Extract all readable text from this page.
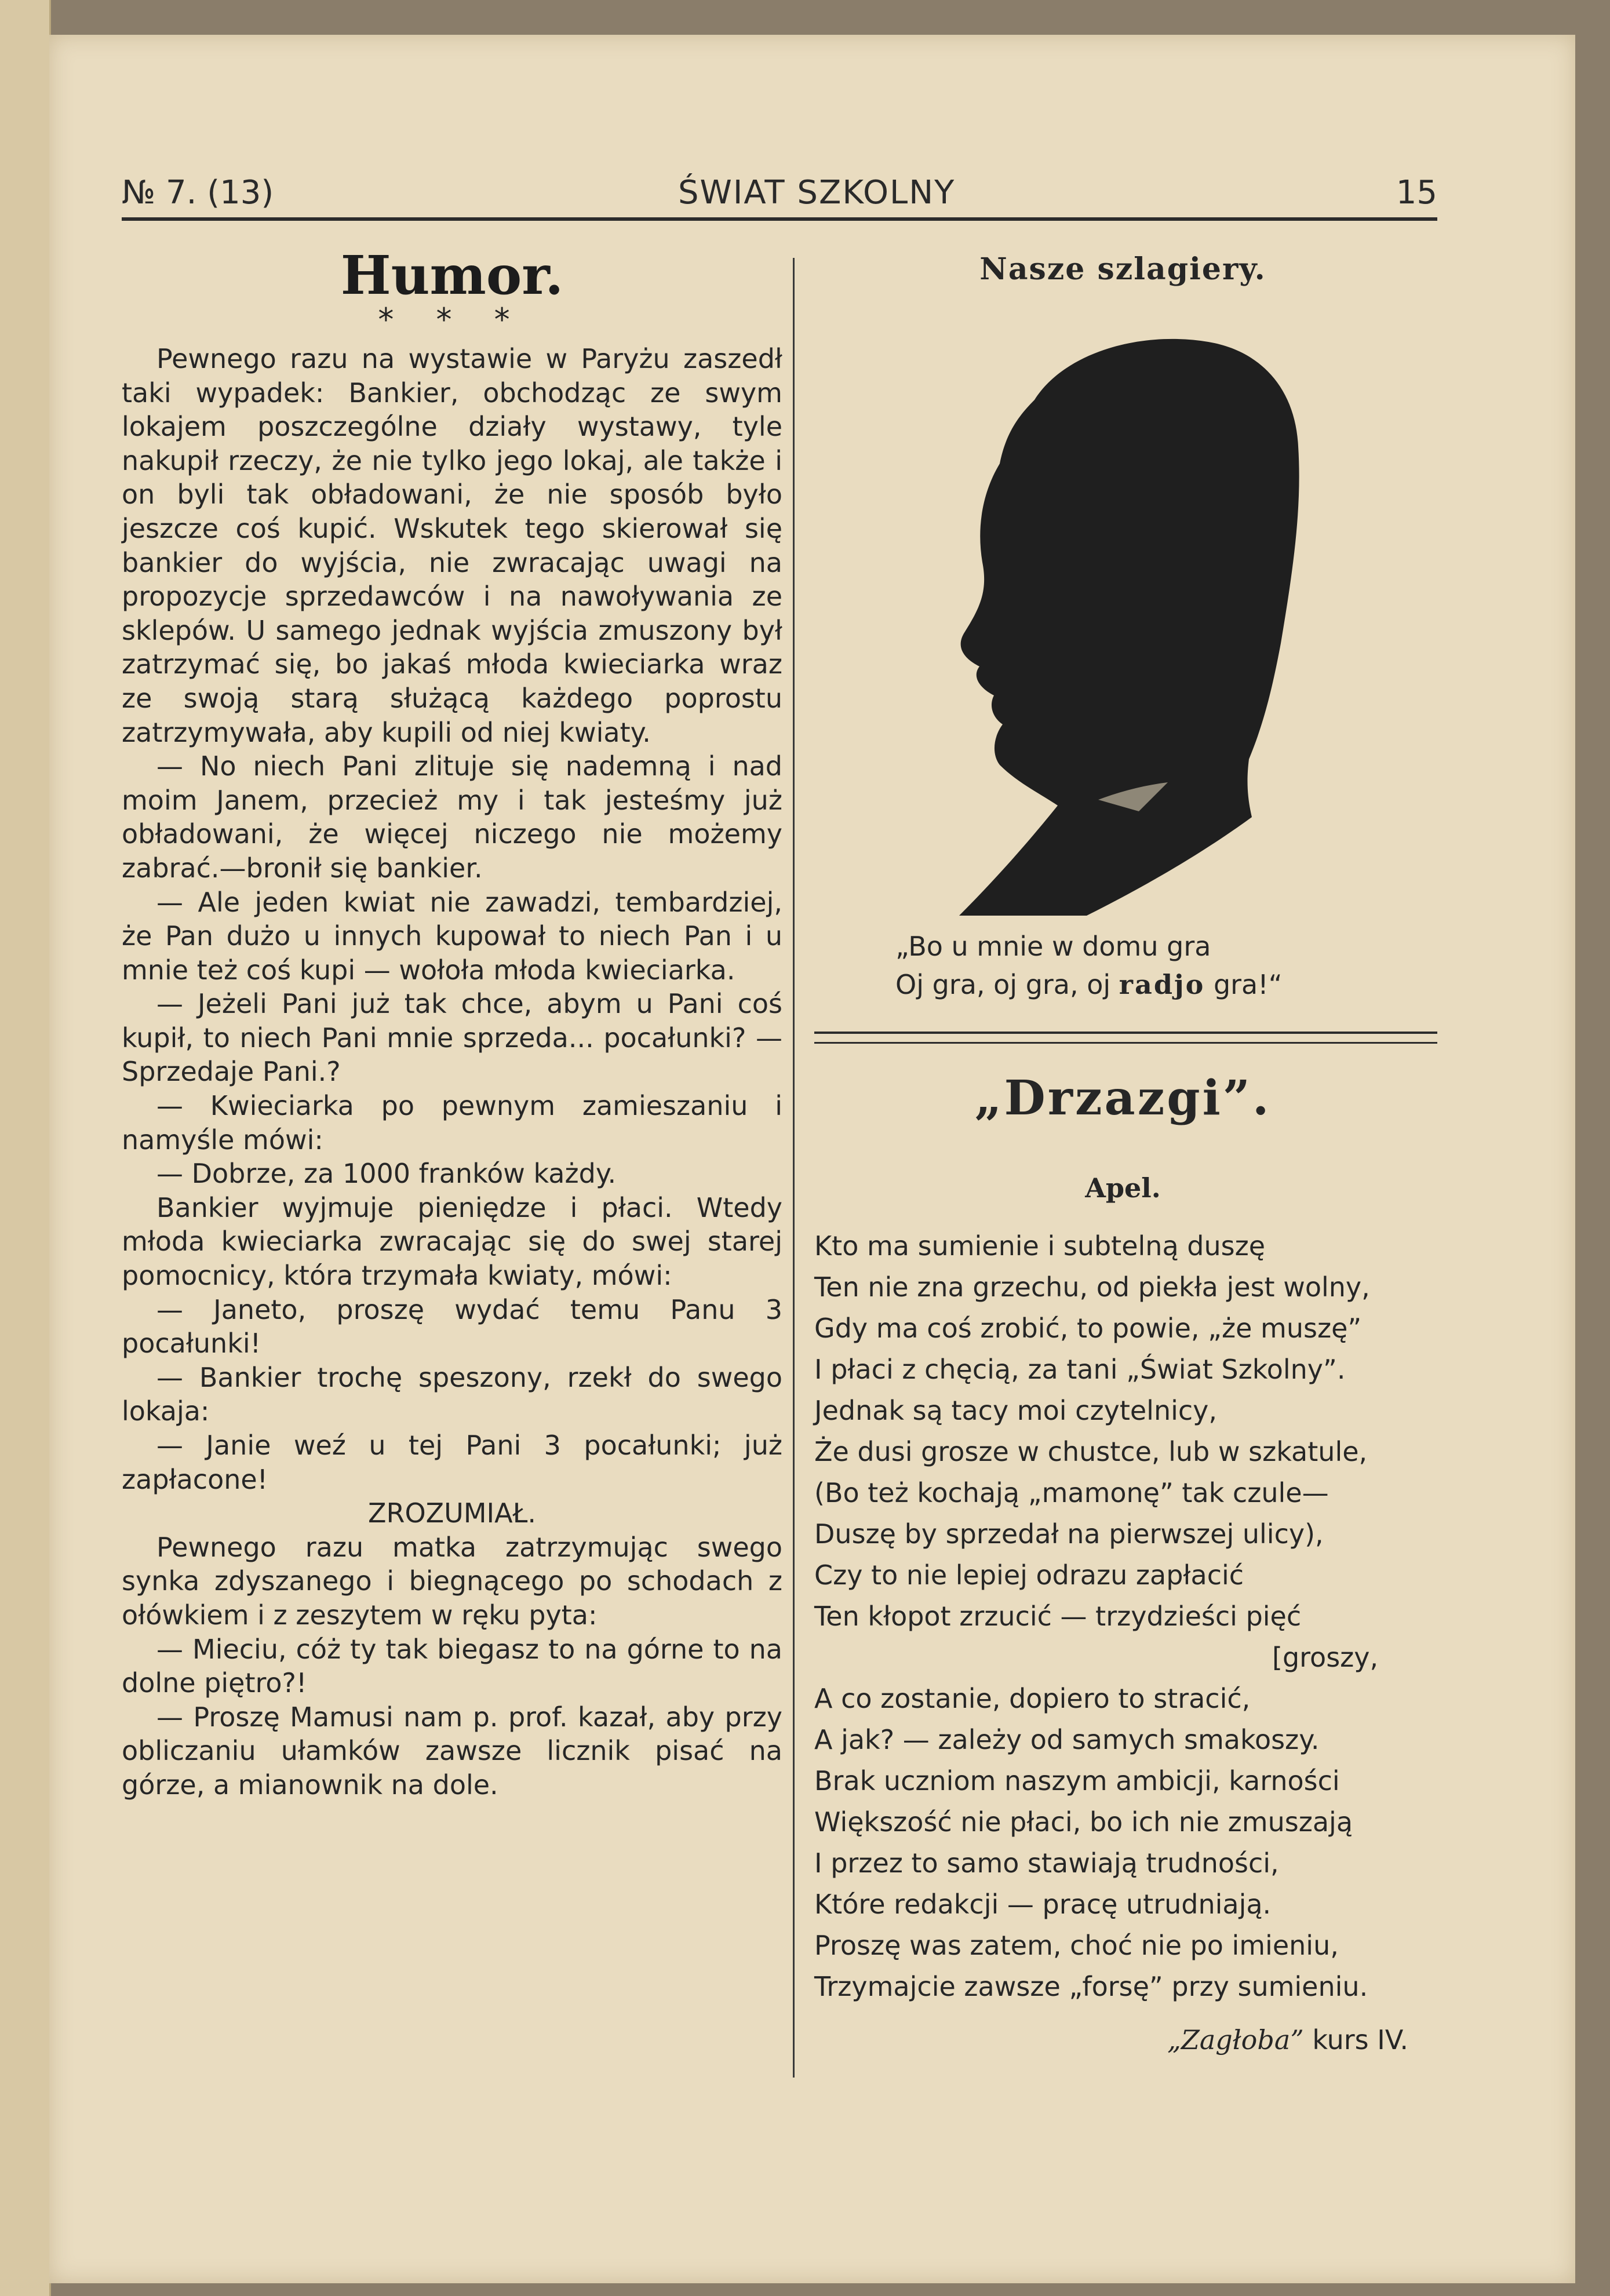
№ 7. (13)	ŚWIAT SZKOLNY	15
Humor.
* * *

Pewnego razu na wystawie w Paryżu zaszedł taki wypadek: Bankier, obchodząc ze swym lokajem poszczególne działy wystawy, tyle nakupił rzeczy, że nie tylko jego lokaj, ale także i on byli tak obładowani, że nie sposób było jeszcze coś kupić. Wskutek tego skierował się bankier do wyjścia, nie zwracając uwagi na propozycje sprzedawców i na nawoływania ze sklepów. U samego jednak wyjścia zmuszony był zatrzymać się, bo jakaś młoda kwieciarka wraz ze swoją starą służącą każdego poprostu zatrzymywała, aby kupili od niej kwiaty.

— No niech Pani zlituje się nademną i nad moim Janem, przecież my i tak jesteśmy już obładowani, że więcej niczego nie możemy zabrać.—bronił się bankier.

— Ale jeden kwiat nie zawadzi, tembardziej, że Pan dużo u innych kupował to niech Pan i u mnie też coś kupi — wołoła młoda kwieciarka.

— Jeżeli Pani już tak chce, abym u Pani coś kupił, to niech Pani mnie sprzeda... pocałunki? — Sprzedaje Pani.?

— Kwieciarka po pewnym zamieszaniu i namyśle mówi:

— Dobrze, za 1000 franków każdy.

Bankier wyjmuje pieniędze i płaci. Wtedy młoda kwieciarka zwracając się do swej starej pomocnicy, która trzymała kwiaty, mówi:

— Janeto, proszę wydać temu Panu 3 pocałunki!

— Bankier trochę speszony, rzekł do swego lokaja:

— Janie weź u tej Pani 3 pocałunki; już zapłacone!

ZROZUMIAŁ.

Pewnego razu matka zatrzymując swego synka zdyszanego i biegnącego po schodach z ołówkiem i z zeszytem w ręku pyta:

— Mieciu, cóż ty tak biegasz to na górne to na dolne piętro?!

— Proszę Mamusi nam p. prof. kazał, aby przy obliczaniu ułamków zawsze licznik pisać na górze, a mianownik na dole.

Nasze szlagiery.
„Bo u mnie w domu gra
Oj gra, oj gra, oj radjo gra!“
„Drzazgi”.
Apel.
Kto ma sumienie i subtelną duszę
Ten nie zna grzechu, od piekła jest wolny,
Gdy ma coś zrobić, to powie, „że muszę”
I płaci z chęcią, za tani „Świat Szkolny”.
Jednak są tacy moi czytelnicy,
Że dusi grosze w chustce, lub w szkatule,
(Bo też kochają „mamonę” tak czule—
Duszę by sprzedał na pierwszej ulicy),
Czy to nie lepiej odrazu zapłacić
Ten kłopot zrzucić — trzydzieści pięć
[groszy,
A co zostanie, dopiero to stracić,
A jak? — zależy od samych smakoszy.
Brak uczniom naszym ambicji, karności
Większość nie płaci, bo ich nie zmuszają
I przez to samo stawiają trudności,
Które redakcji — pracę utrudniają.
Proszę was zatem, choć nie po imieniu,
Trzymajcie zawsze „forsę” przy sumieniu.
„Zagłoba” kurs IV.
